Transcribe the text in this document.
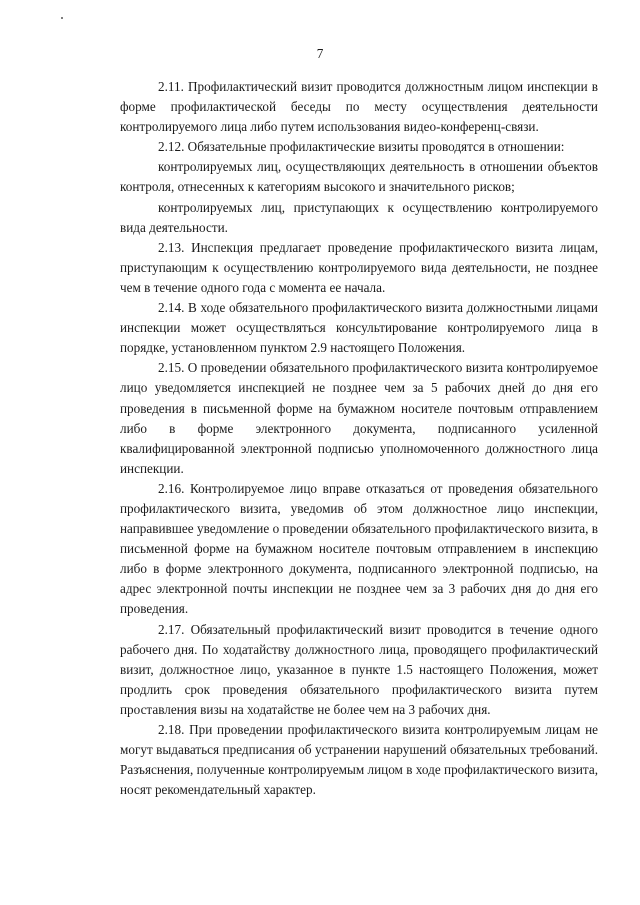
7

2.11. Профилактический визит проводится должностным лицом инспекции в форме профилактической беседы по месту осуществления деятельности контролируемого лица либо путем использования видео-конференц-связи.

2.12. Обязательные профилактические визиты проводятся в отношении:

контролируемых лиц, осуществляющих деятельность в отношении объектов контроля, отнесенных к категориям высокого и значительного рисков;

контролируемых лиц, приступающих к осуществлению контролируемого вида деятельности.

2.13. Инспекция предлагает проведение профилактического визита лицам, приступающим к осуществлению контролируемого вида деятельности, не позднее чем в течение одного года с момента ее начала.

2.14. В ходе обязательного профилактического визита должностными лицами инспекции может осуществляться консультирование контролируемого лица в порядке, установленном пунктом 2.9 настоящего Положения.

2.15. О проведении обязательного профилактического визита контролируемое лицо уведомляется инспекцией не позднее чем за 5 рабочих дней до дня его проведения в письменной форме на бумажном носителе почтовым отправлением либо в форме электронного документа, подписанного усиленной квалифицированной электронной подписью уполномоченного должностного лица инспекции.

2.16. Контролируемое лицо вправе отказаться от проведения обязательного профилактического визита, уведомив об этом должностное лицо инспекции, направившее уведомление о проведении обязательного профилактического визита, в письменной форме на бумажном носителе почтовым отправлением в инспекцию либо в форме электронного документа, подписанного электронной подписью, на адрес электронной почты инспекции не позднее чем за 3 рабочих дня до дня его проведения.

2.17. Обязательный профилактический визит проводится в течение одного рабочего дня. По ходатайству должностного лица, проводящего профилактический визит, должностное лицо, указанное в пункте 1.5 настоящего Положения, может продлить срок проведения обязательного профилактического визита путем проставления визы на ходатайстве не более чем на 3 рабочих дня.

2.18. При проведении профилактического визита контролируемым лицам не могут выдаваться предписания об устранении нарушений обязательных требований. Разъяснения, полученные контролируемым лицом в ходе профилактического визита, носят рекомендательный характер.
